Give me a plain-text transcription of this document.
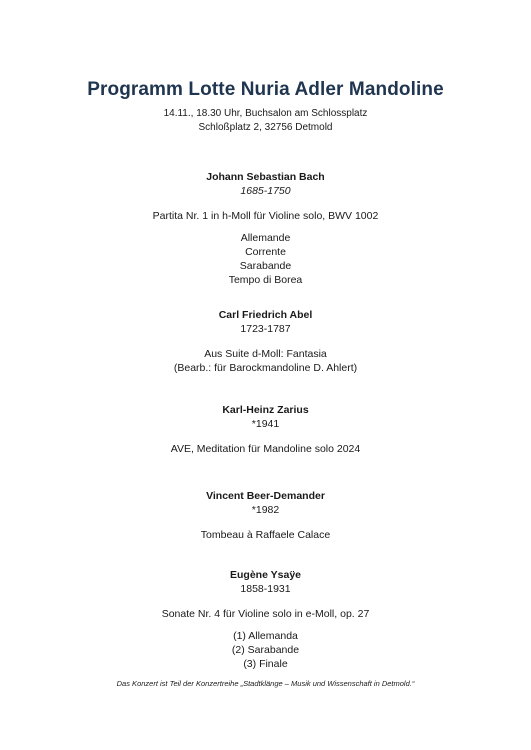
Programm Lotte Nuria Adler Mandoline
14.11., 18.30 Uhr, Buchsalon am Schlossplatz
Schloßplatz 2, 32756 Detmold
Johann Sebastian Bach
1685-1750
Partita Nr. 1 in h-Moll für Violine solo, BWV 1002
Allemande
Corrente
Sarabande
Tempo di Borea
Carl Friedrich Abel
1723-1787
Aus Suite d-Moll: Fantasia
(Bearb.: für Barockmandoline D. Ahlert)
Karl-Heinz Zarius
*1941
AVE, Meditation für Mandoline solo 2024
Vincent Beer-Demander
*1982
Tombeau à Raffaele Calace
Eugène Ysaÿe
1858-1931
Sonate Nr. 4 für Violine solo in e-Moll, op. 27
(1) Allemanda
(2) Sarabande
(3) Finale
Das Konzert ist Teil der Konzertreihe „Stadtklänge – Musik und Wissenschaft in Detmold.“
